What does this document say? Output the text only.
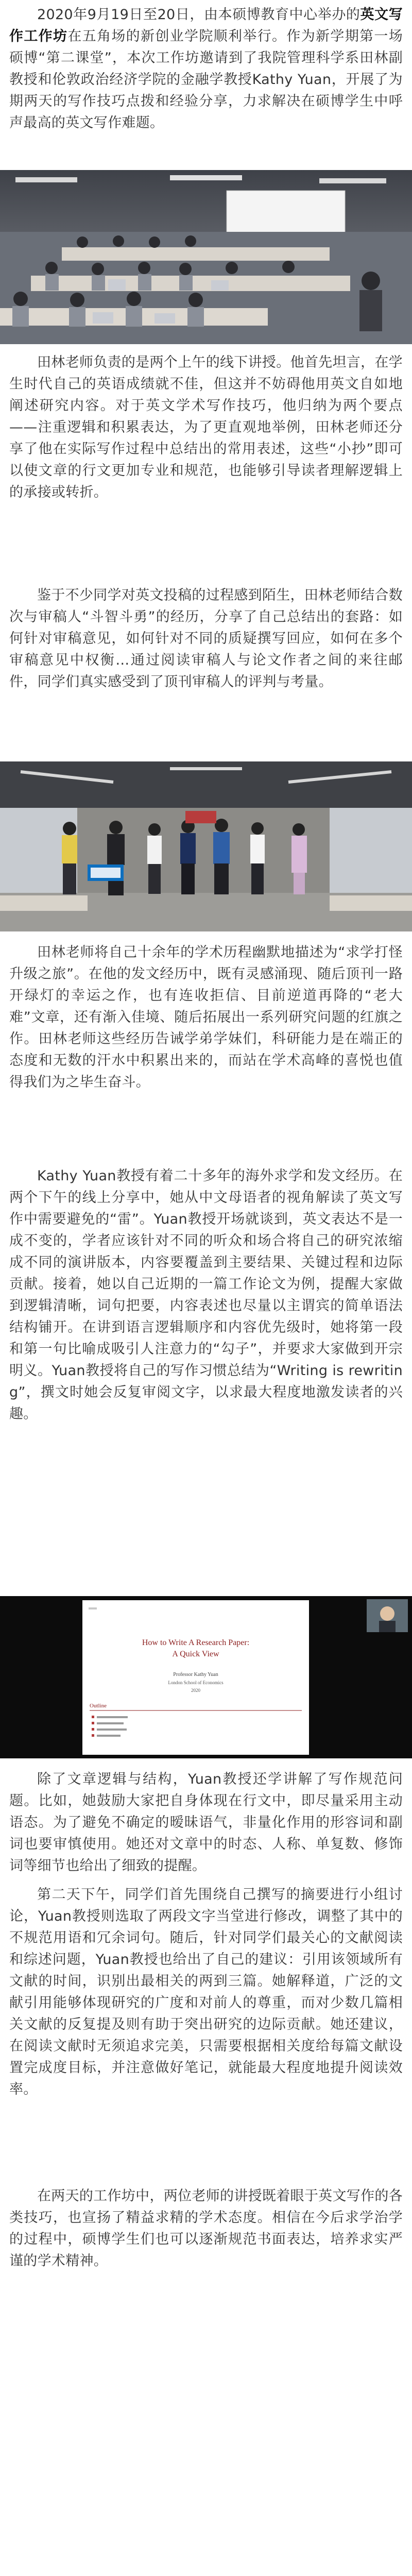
2020年9月19日至20日，由本硕博教育中心举办的英文写作工作坊在五角场的新创业学院顺利举行。作为新学期第一场硕博“第二课堂”，本次工作坊邀请到了我院管理科学系田林副教授和伦敦政治经济学院的金融学教授Kathy Yuan，开展了为期两天的写作技巧点拨和经验分享，力求解决在硕博学生中呼声最高的英文写作难题。

田林老师负责的是两个上午的线下讲授。他首先坦言，在学生时代自己的英语成绩就不佳，但这并不妨碍他用英文自如地阐述研究内容。对于英文学术写作技巧，他归纳为两个要点——注重逻辑和积累表达，为了更直观地举例，田林老师还分享了他在实际写作过程中总结出的常用表述，这些“小抄”即可以使文章的行文更加专业和规范，也能够引导读者理解逻辑上的承接或转折。

鉴于不少同学对英文投稿的过程感到陌生，田林老师结合数次与审稿人“斗智斗勇”的经历，分享了自己总结出的套路：如何针对审稿意见，如何针对不同的质疑撰写回应，如何在多个审稿意见中权衡…通过阅读审稿人与论文作者之间的来往邮件，同学们真实感受到了顶刊审稿人的评判与考量。

田林老师将自己十余年的学术历程幽默地描述为“求学打怪升级之旅”。在他的发文经历中，既有灵感涌现、随后顶刊一路开绿灯的幸运之作，也有连收拒信、目前逆道再降的“老大难”文章，还有渐入佳境、随后拓展出一系列研究问题的红旗之作。田林老师这些经历告诫学弟学妹们，科研能力是在端正的态度和无数的汗水中积累出来的，而站在学术高峰的喜悦也值得我们为之毕生奋斗。

Kathy Yuan教授有着二十多年的海外求学和发文经历。在两个下午的线上分享中，她从中文母语者的视角解读了英文写作中需要避免的“雷”。Yuan教授开场就谈到，英文表达不是一成不变的，学者应该针对不同的听众和场合将自己的研究浓缩成不同的演讲版本，内容要覆盖到主要结果、关键过程和边际贡献。接着，她以自己近期的一篇工作论文为例，提醒大家做到逻辑清晰，词句把要，内容表述也尽量以主谓宾的简单语法结构铺开。在讲到语言逻辑顺序和内容优先级时，她将第一段和第一句比喻成吸引人注意力的“勾子”，并要求大家做到开宗明义。Yuan教授将自己的写作习惯总结为“Writing is rewriting”，撰文时她会反复审阅文字，以求最大程度地激发读者的兴趣。

How to Write A Research Paper:
A Quick View
Professor Kathy Yuan
London School of Economics
2020
Outline

除了文章逻辑与结构，Yuan教授还学讲解了写作规范问题。比如，她鼓励大家把自身体现在行文中，即尽量采用主动语态。为了避免不确定的暧昧语气，非量化作用的形容词和副词也要审慎使用。她还对文章中的时态、人称、单复数、修饰词等细节也给出了细致的提醒。

第二天下午，同学们首先围绕自己撰写的摘要进行小组讨论，Yuan教授则选取了两段文字当堂进行修改，调整了其中的不规范用语和冗余词句。随后，针对同学们最关心的文献阅读和综述问题，Yuan教授也给出了自己的建议：引用该领域所有文献的时间，识别出最相关的两到三篇。她解释道，广泛的文献引用能够体现研究的广度和对前人的尊重，而对少数几篇相关文献的反复提及则有助于突出研究的边际贡献。她还建议，在阅读文献时无须追求完美，只需要根据相关度给每篇文献设置完成度目标，并注意做好笔记，就能最大程度地提升阅读效率。

在两天的工作坊中，两位老师的讲授既着眼于英文写作的各类技巧，也宣扬了精益求精的学术态度。相信在今后求学治学的过程中，硕博学生们也可以逐渐规范书面表达，培养求实严谨的学术精神。
